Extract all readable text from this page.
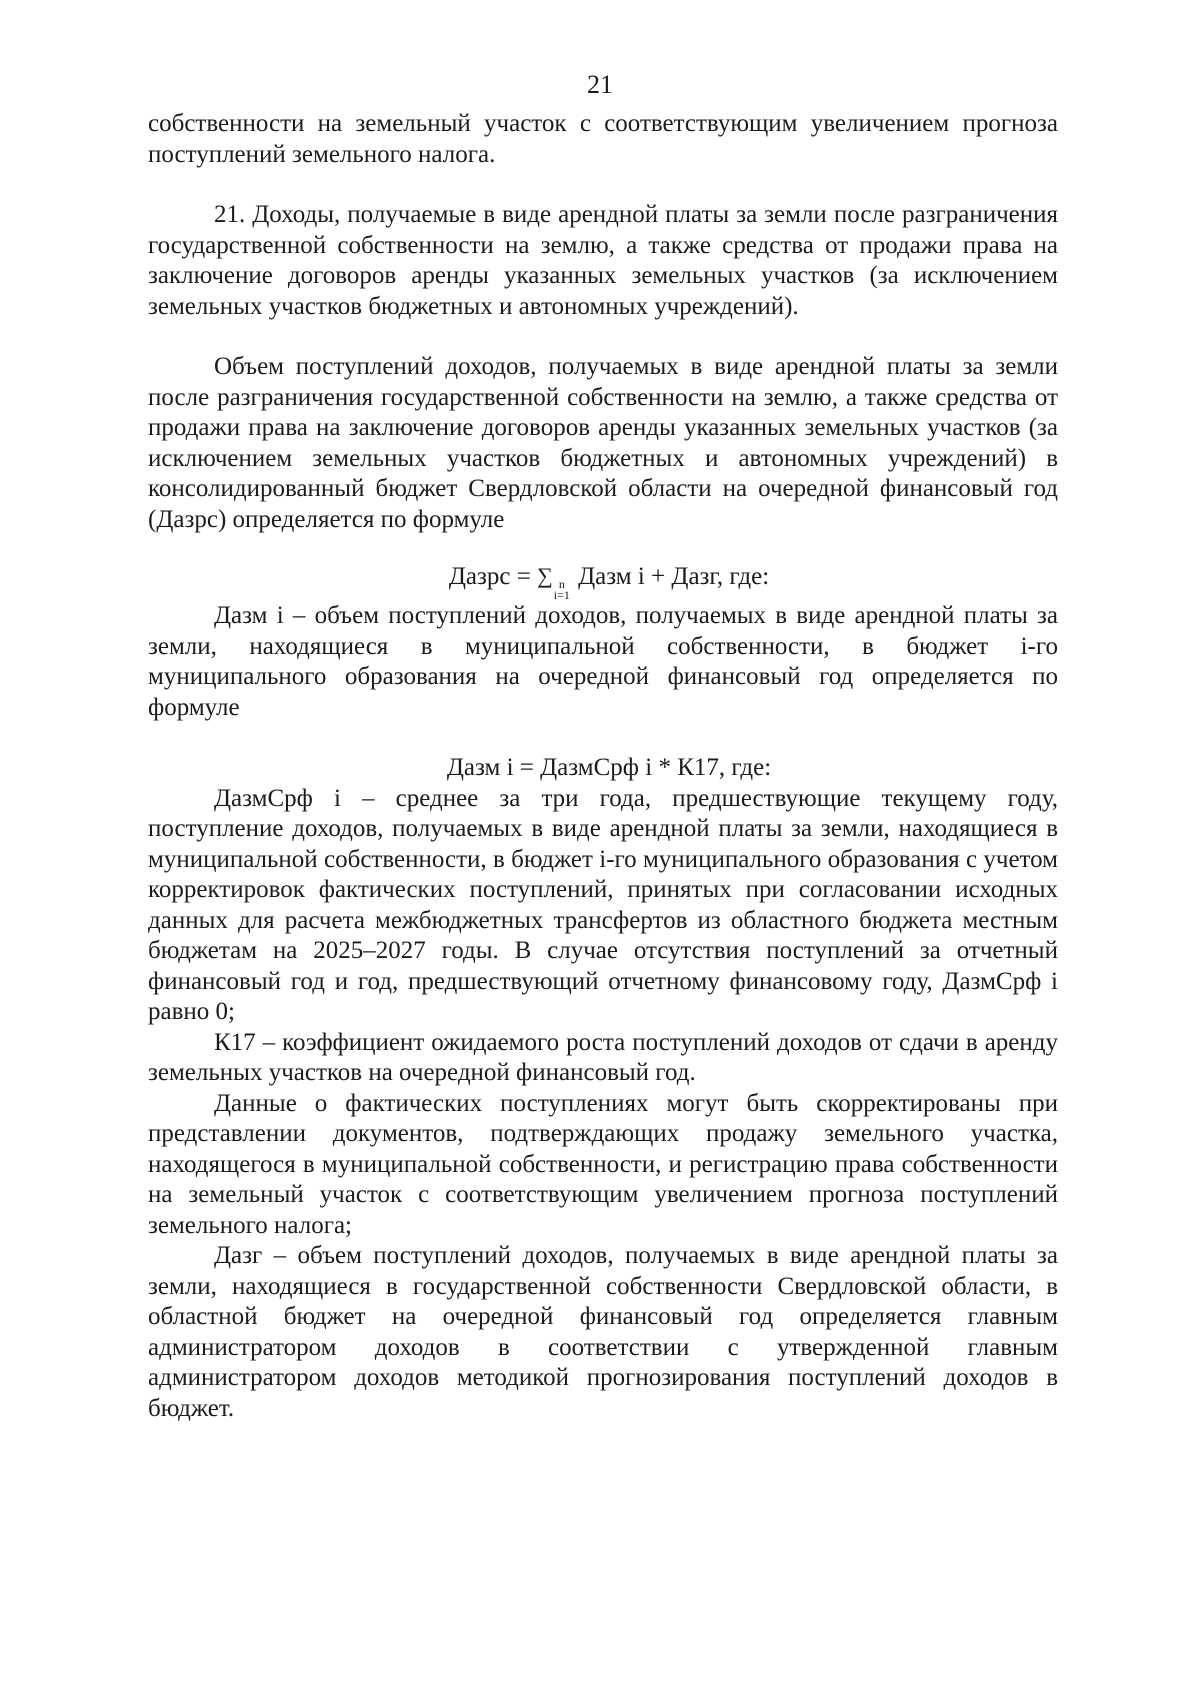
21

собственности на земельный участок с соответствующим увеличением прогноза поступлений земельного налога.

21. Доходы, получаемые в виде арендной платы за земли после разграничения государственной собственности на землю, а также средства от продажи права на заключение договоров аренды указанных земельных участков (за исключением земельных участков бюджетных и автономных учреждений).

Объем поступлений доходов, получаемых в виде арендной платы за земли после разграничения государственной собственности на землю, а также средства от продажи права на заключение договоров аренды указанных земельных участков (за исключением земельных участков бюджетных и автономных учреждений) в консолидированный бюджет Свердловской области на очередной финансовый год (Дазрс) определяется по формуле

Дазрс = ∑ n
i=1
Дазм i + Дазг, где:

Дазм i – объем поступлений доходов, получаемых в виде арендной платы за земли, находящиеся в муниципальной собственности, в бюджет i-го муниципального образования на очередной финансовый год определяется по формуле

Дазм i = ДазмСрф i * К17, где:

ДазмСрф i – среднее за три года, предшествующие текущему году, поступление доходов, получаемых в виде арендной платы за земли, находящиеся в муниципальной собственности, в бюджет i-го муниципального образования с учетом корректировок фактических поступлений, принятых при согласовании исходных данных для расчета межбюджетных трансфертов из областного бюджета местным бюджетам на 2025–2027 годы. В случае отсутствия поступлений за отчетный финансовый год и год, предшествующий отчетному финансовому году, ДазмСрф i равно 0;

К17 – коэффициент ожидаемого роста поступлений доходов от сдачи в аренду земельных участков на очередной финансовый год.

Данные о фактических поступлениях могут быть скорректированы при представлении документов, подтверждающих продажу земельного участка, находящегося в муниципальной собственности, и регистрацию права собственности на земельный участок с соответствующим увеличением прогноза поступлений земельного налога;

Дазг – объем поступлений доходов, получаемых в виде арендной платы за земли, находящиеся в государственной собственности Свердловской области, в областной бюджет на очередной финансовый год определяется главным администратором доходов в соответствии с утвержденной главным администратором доходов методикой прогнозирования поступлений доходов в бюджет.
